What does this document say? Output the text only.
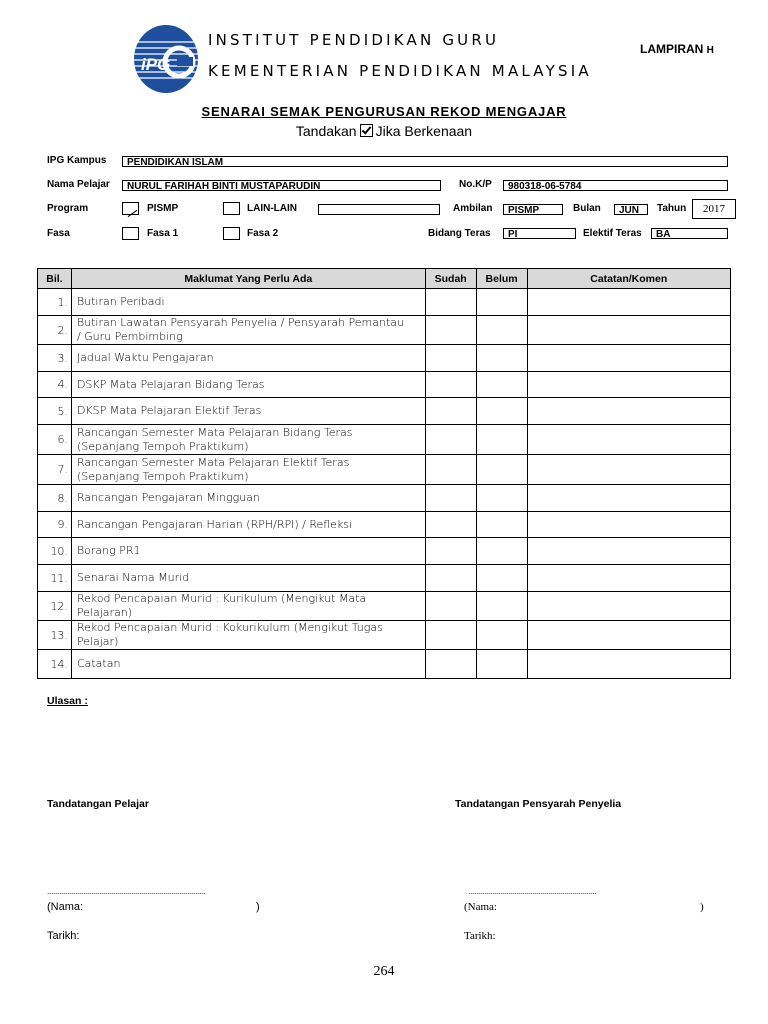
iPG
INSTITUT PENDIDIKAN GURU
KEMENTERIAN PENDIDIKAN MALAYSIA
LAMPIRAN H
SENARAI SEMAK PENGURUSAN REKOD MENGAJAR
Tandakan Jika Berkenaan
IPG Kampus	PENDIDIKAN ISLAM
Nama Pelajar	NURUL FARIHAH BINTI MUSTAPARUDIN	No.K/P	980318-06-5784
Program	PISMP	LAIN-LAIN	Ambilan	PISMP	Bulan	JUN	Tahun	2017
Fasa	Fasa 1	Fasa 2	Bidang Teras	PI	Elektif Teras	BA
Bil.	Maklumat Yang Perlu Ada	Sudah	Belum	Catatan/Komen
1.	Butiran Peribadi			

2.	Butiran Lawatan Pensyarah Penyelia / Pensyarah Pemantau
/ Guru Pembimbing			

3.	Jadual Waktu Pengajaran			

4.	DSKP Mata Pelajaran Bidang Teras			

5.	DKSP Mata Pelajaran Elektif Teras			

6.	Rancangan Semester Mata Pelajaran Bidang Teras
(Sepanjang Tempoh Praktikum)			

7.	Rancangan Semester Mata Pelajaran Elektif Teras
(Sepanjang Tempoh Praktikum)			

8.	Rancangan Pengajaran Mingguan			

9.	Rancangan Pengajaran Harian (RPH/RPI) / Refleksi			

10.	Borang PR1			

11.	Senarai Nama Murid			

12.	Rekod Pencapaian Murid : Kurikulum (Mengikut Mata
Pelajaran)			

13.	Rekod Pencapaian Murid : Kokurikulum (Mengikut Tugas
Pelajar)			

14.	Catatan			

Ulasan :
Tandatangan Pelajar	Tandatangan Pensyarah Penyelia
...............................................................................	................................................................
(Nama:	)	(Nama:	)
Tarikh:	Tarikh:
264
